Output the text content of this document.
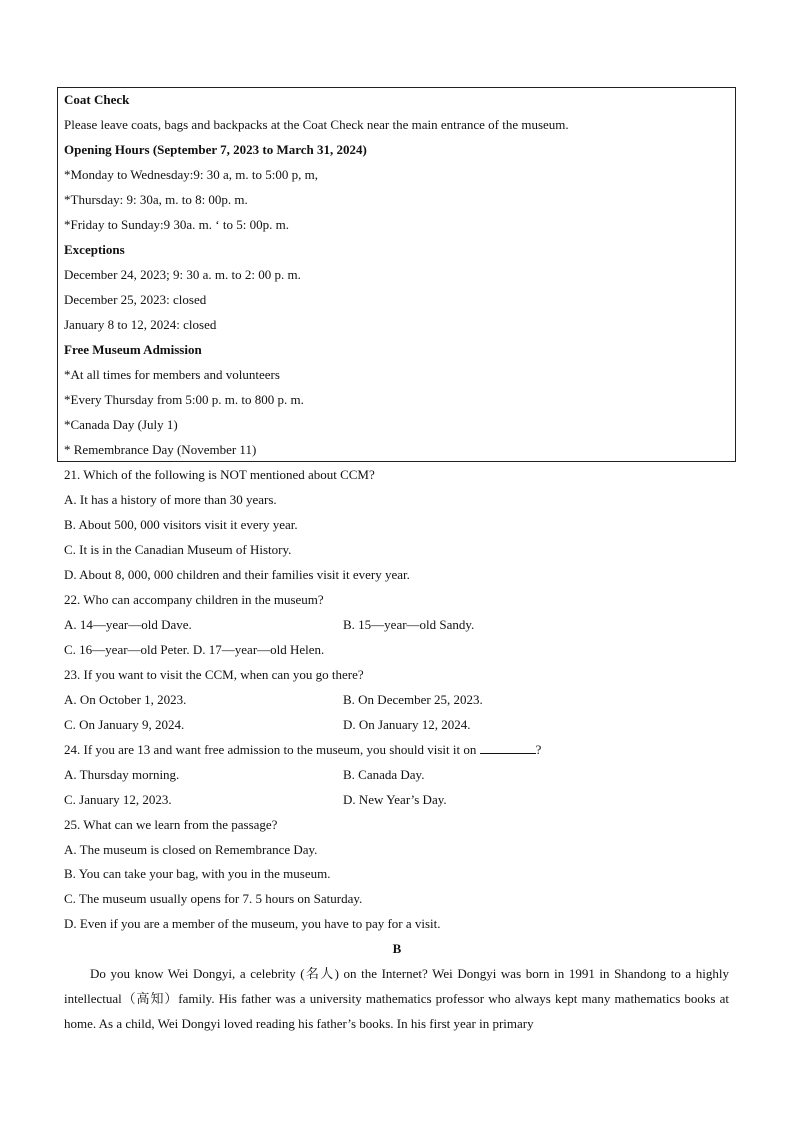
Coat Check
Please leave coats, bags and backpacks at the Coat Check near the main entrance of the museum.
Opening Hours (September 7, 2023 to March 31, 2024)
*Monday to Wednesday:9: 30 a, m. to 5:00 p, m,
*Thursday: 9: 30a, m. to 8: 00p. m.
*Friday to Sunday:9 30a. m. ‘ to 5: 00p. m.
Exceptions
December 24, 2023; 9: 30 a. m. to 2: 00 p. m.
December 25, 2023: closed
January 8 to 12, 2024: closed
Free Museum Admission
*At all times for members and volunteers
*Every Thursday from 5:00 p. m. to 800 p. m.
*Canada Day (July 1)
* Remembrance Day (November 11)
21. Which of the following is NOT mentioned about CCM?
A. It has a history of more than 30 years.
B. About 500, 000 visitors visit it every year.
C. It is in the Canadian Museum of History.
D. About 8, 000, 000 children and their families visit it every year.
22. Who can accompany children in the museum?
A. 14—year—old Dave.	B. 15—year—old Sandy.
C. 16—year—old Peter. D. 17—year—old Helen.
23. If you want to visit the CCM, when can you go there?
A. On October 1, 2023.	B. On December 25, 2023.
C. On January 9, 2024.	D. On January 12, 2024.
24. If you are 13 and want free admission to the museum, you should visit it on	?
A. Thursday morning.	B. Canada Day.
C. January 12, 2023.	D. New Year’s Day.
25. What can we learn from the passage?
A. The museum is closed on Remembrance Day.
B. You can take your bag, with you in the museum.
C. The museum usually opens for 7. 5 hours on Saturday.
D. Even if you are a member of the museum, you have to pay for a visit.
B
Do you know Wei Dongyi, a celebrity (名人) on the Internet? Wei Dongyi was born in 1991 in Shandong to a highly intellectual（高知）family. His father was a university mathematics professor who always kept many mathematics books at home. As a child, Wei Dongyi loved reading his father’s books. In his first year in primary
